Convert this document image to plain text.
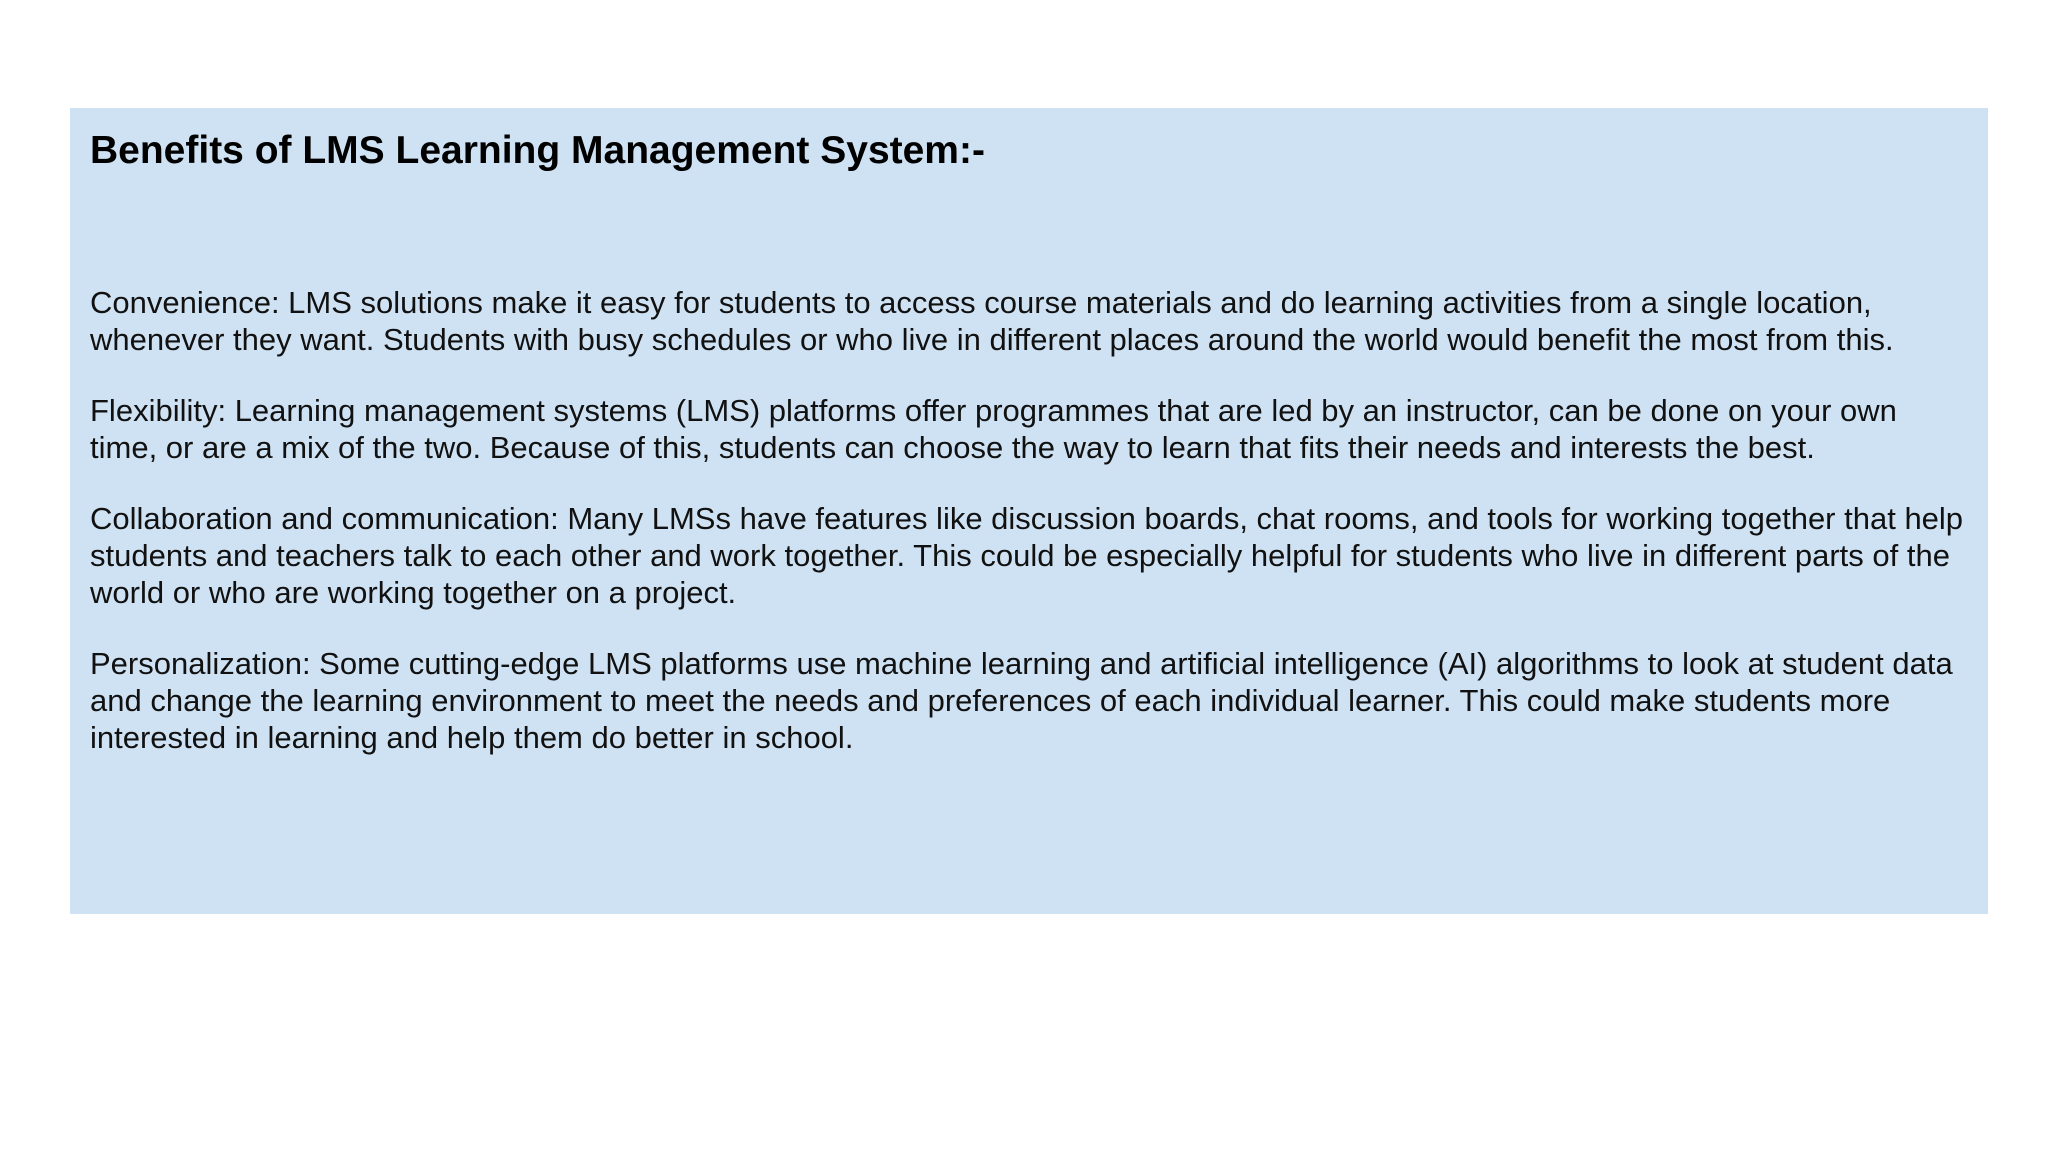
Benefits of LMS Learning Management System:-

Convenience: LMS solutions make it easy for students to access course materials and do learning activities from a single location, whenever they want. Students with busy schedules or who live in different places around the world would benefit the most from this.

Flexibility: Learning management systems (LMS) platforms offer programmes that are led by an instructor, can be done on your own time, or are a mix of the two. Because of this, students can choose the way to learn that fits their needs and interests the best.

Collaboration and communication: Many LMSs have features like discussion boards, chat rooms, and tools for working together that help students and teachers talk to each other and work together. This could be especially helpful for students who live in different parts of the world or who are working together on a project.

Personalization: Some cutting-edge LMS platforms use machine learning and artificial intelligence (AI) algorithms to look at student data and change the learning environment to meet the needs and preferences of each individual learner. This could make students more interested in learning and help them do better in school.
